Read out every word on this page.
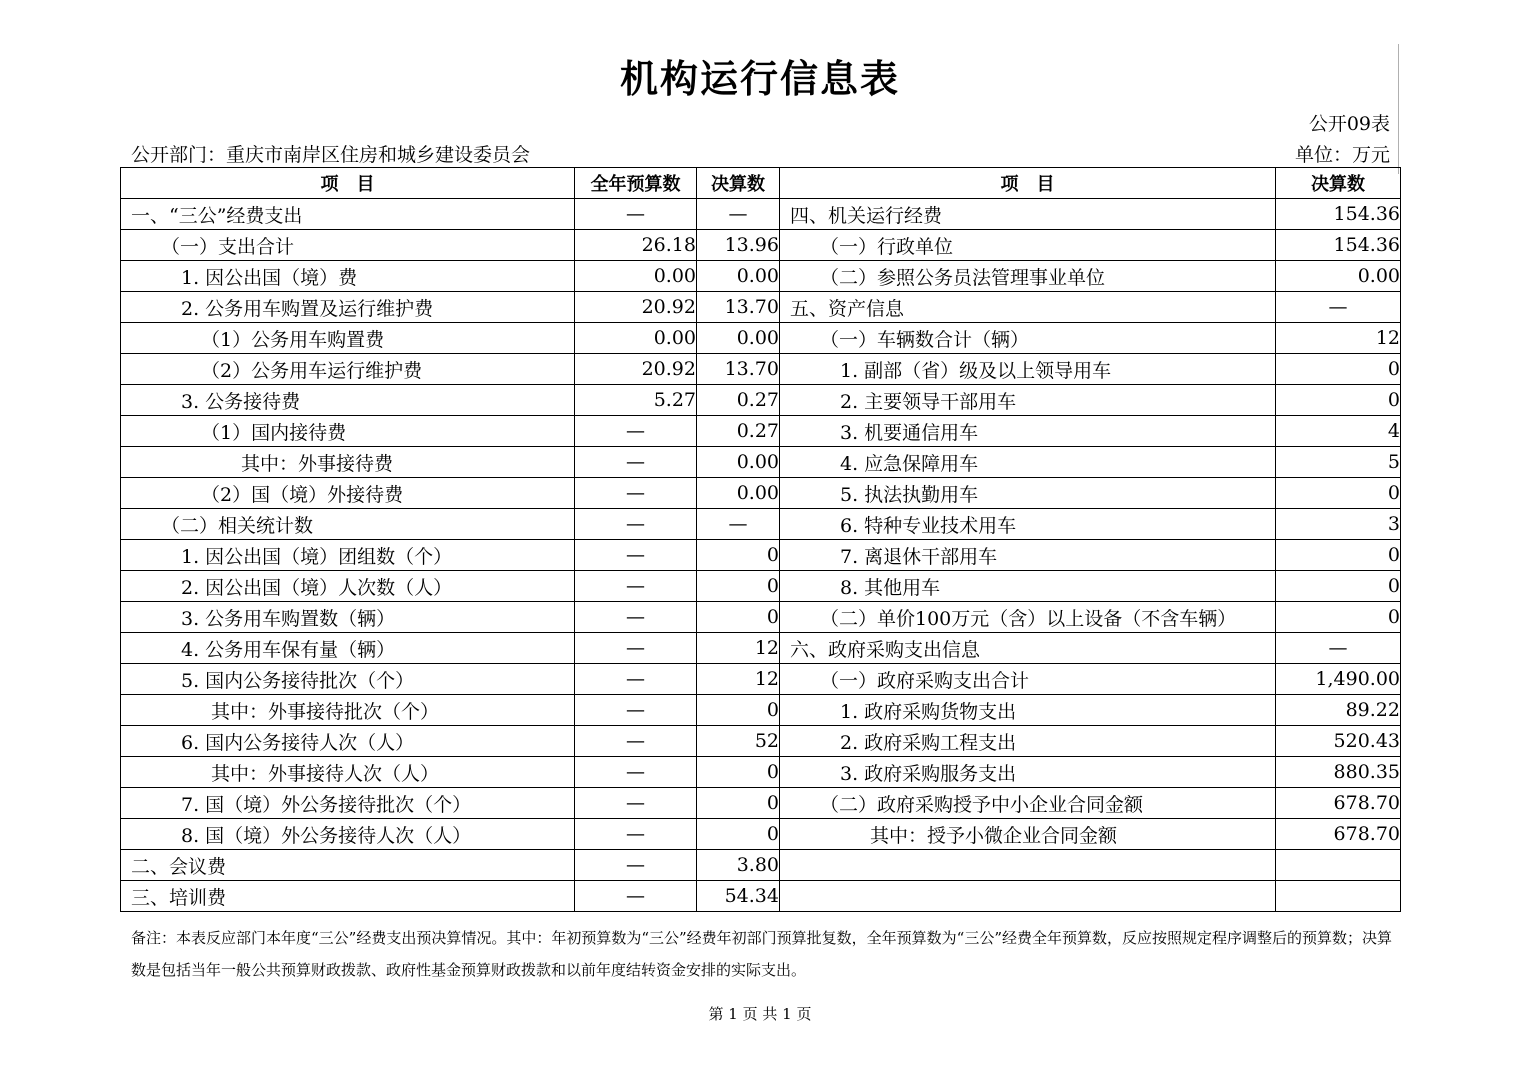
机构运行信息表
公开09表
公开部门：重庆市南岸区住房和城乡建设委员会	单位：万元
项　目	全年预算数	决算数	项　目	决算数
一、“三公”经费支出	—	—	四、机关运行经费	154.36
（一）支出合计	26.18	13.96	（一）行政单位	154.36
1. 因公出国（境）费	0.00	0.00	（二）参照公务员法管理事业单位	0.00
2. 公务用车购置及运行维护费	20.92	13.70	五、资产信息	—
（1）公务用车购置费	0.00	0.00	（一）车辆数合计（辆）	12
（2）公务用车运行维护费	20.92	13.70	1. 副部（省）级及以上领导用车	0
3. 公务接待费	5.27	0.27	2. 主要领导干部用车	0
（1）国内接待费	—	0.27	3. 机要通信用车	4
其中：外事接待费	—	0.00	4. 应急保障用车	5
（2）国（境）外接待费	—	0.00	5. 执法执勤用车	0
（二）相关统计数	—	—	6. 特种专业技术用车	3
1. 因公出国（境）团组数（个）	—	0	7. 离退休干部用车	0
2. 因公出国（境）人次数（人）	—	0	8. 其他用车	0
3. 公务用车购置数（辆）	—	0	（二）单价100万元（含）以上设备（不含车辆）	0
4. 公务用车保有量（辆）	—	12	六、政府采购支出信息	—
5. 国内公务接待批次（个）	—	12	（一）政府采购支出合计	1,490.00
其中：外事接待批次（个）	—	0	1. 政府采购货物支出	89.22
6. 国内公务接待人次（人）	—	52	2. 政府采购工程支出	520.43
其中：外事接待人次（人）	—	0	3. 政府采购服务支出	880.35
7. 国（境）外公务接待批次（个）	—	0	（二）政府采购授予中小企业合同金额	678.70
8. 国（境）外公务接待人次（人）	—	0	其中：授予小微企业合同金额	678.70
二、会议费	—	3.80		
三、培训费	—	54.34		
备注：本表反应部门本年度“三公”经费支出预决算情况。其中：年初预算数为“三公”经费年初部门预算批复数，全年预算数为“三公”经费全年预算数，反应按照规定程序调整后的预算数；决算数是包括当年一般公共预算财政拨款、政府性基金预算财政拨款和以前年度结转资金安排的实际支出。
第 1 页 共 1 页
